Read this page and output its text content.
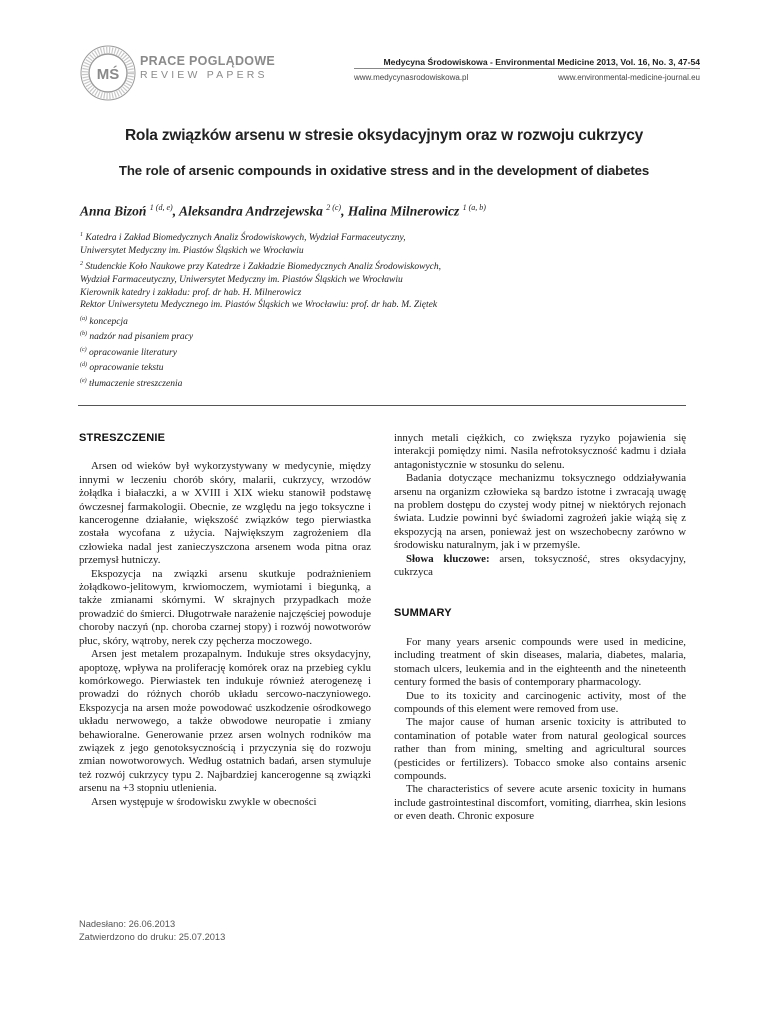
MŚ
PRACE POGLĄDOWE
REVIEW PAPERS
Medycyna Środowiskowa - Environmental Medicine 2013, Vol. 16, No. 3, 47-54
www.medycynasrodowiskowa.pl	www.environmental-medicine-journal.eu
Rola związków arsenu w stresie oksydacyjnym oraz w rozwoju cukrzycy
The role of arsenic compounds in oxidative stress and in the development of diabetes
Anna Bizoń $^{1 (d, e)}$, Aleksandra Andrzejewska $^{2 (c)}$, Halina Milnerowicz $^{1 (a, b)}$
$^1$ Katedra i Zakład Biomedycznych Analiz Środowiskowych, Wydział Farmaceutyczny,
Uniwersytet Medyczny im. Piastów Śląskich we Wrocławiu
$^2$ Studenckie Koło Naukowe przy Katedrze i Zakładzie Biomedycznych Analiz Środowiskowych,
Wydział Farmaceutyczny, Uniwersytet Medyczny im. Piastów Śląskich we Wrocławiu
Kierownik katedry i zakładu: prof. dr hab. H. Milnerowicz
Rektor Uniwersytetu Medycznego im. Piastów Śląskich we Wrocławiu: prof. dr hab. M. Ziętek
$^{(a)}$ koncepcja
$^{(b)}$ nadzór nad pisaniem pracy
$^{(c)}$ opracowanie literatury
$^{(d)}$ opracowanie tekstu
$^{(e)}$ tłumaczenie streszczenia
STRESZCZENIE

Arsen od wieków był wykorzystywany w medycynie, między innymi w leczeniu chorób skóry, malarii, cukrzycy, wrzodów żołądka i białaczki, a w XVIII i XIX wieku stanowił podstawę ówczesnej farmakologii. Obecnie, ze względu na jego toksyczne i kancerogenne działanie, większość związków tego pierwiastka została wycofana z użycia. Największym zagrożeniem dla człowieka nadal jest zanieczyszczona arsenem woda pitna oraz przemysł hutniczy.

Ekspozycja na związki arsenu skutkuje podrażnieniem żołądkowo-jelitowym, krwiomoczem, wymiotami i biegunką, a także zmianami skórnymi. W skrajnych przypadkach może prowadzić do śmierci. Długotrwałe narażenie najczęściej powoduje choroby naczyń (np. choroba czarnej stopy) i rozwój nowotworów płuc, skóry, wątroby, nerek czy pęcherza moczowego.

Arsen jest metalem prozapalnym. Indukuje stres oksydacyjny, apoptozę, wpływa na proliferację komórek oraz na przebieg cyklu komórkowego. Pierwiastek ten indukuje również aterogenezę i prowadzi do różnych chorób układu sercowo-naczyniowego. Ekspozycja na arsen może powodować uszkodzenie ośrodkowego układu nerwowego, a także obwodowe neuropatie i zmiany behawioralne. Generowanie przez arsen wolnych rodników ma związek z jego genotoksycznością i przyczynia się do rozwoju zmian nowotworowych. Według ostatnich badań, arsen stymuluje też rozwój cukrzycy typu 2. Najbardziej kancerogenne są związki arsenu na +3 stopniu utlenienia.

Arsen występuje w środowisku zwykle w obecności

innych metali ciężkich, co zwiększa ryzyko pojawienia się interakcji pomiędzy nimi. Nasila nefrotoksyczność kadmu i działa antagonistycznie w stosunku do selenu.

Badania dotyczące mechanizmu toksycznego oddziaływania arsenu na organizm człowieka są bardzo istotne i zwracają uwagę na problem dostępu do czystej wody pitnej w niektórych rejonach świata. Ludzie powinni być świadomi zagrożeń jakie wiążą się z ekspozycją na arsen, ponieważ jest on wszechobecny zarówno w środowisku naturalnym, jak i w przemyśle.

Słowa kluczowe: arsen, toksyczność, stres oksydacyjny, cukrzyca

SUMMARY

For many years arsenic compounds were used in medicine, including treatment of skin diseases, malaria, diabetes, malaria, stomach ulcers, leukemia and in the eighteenth and the nineteenth century formed the basis of contemporary pharmacology.

Due to its toxicity and carcinogenic activity, most of the compounds of this element were removed from use.

The major cause of human arsenic toxicity is attributed to contamination of potable water from natural geological sources rather than from mining, smelting and agricultural sources (pesticides or fertilizers). Tobacco smoke also contains arsenic compounds.

The characteristics of severe acute arsenic toxicity in humans include gastrointestinal discomfort, vomiting, diarrhea, skin lesions or even death. Chronic exposure

Nadesłano: 26.06.2013
Zatwierdzono do druku: 25.07.2013
